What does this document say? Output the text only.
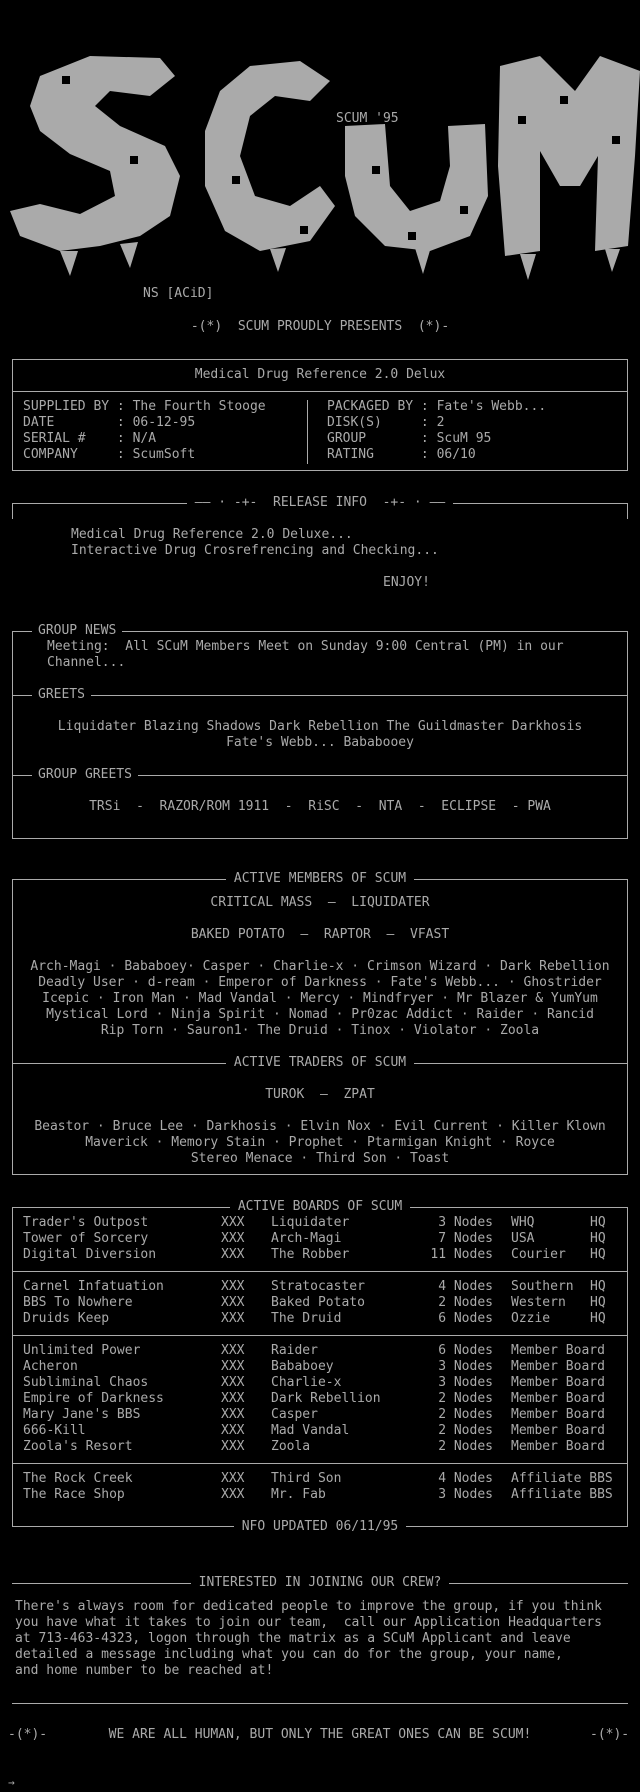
SCUM '95
NS [ACiD]
-(*)  SCUM PROUDLY PRESENTS  (*)-
Medical Drug Reference 2.0 Delux
SUPPLIED BY : The Fourth Stooge
DATE        : 06-12-95
SERIAL #    : N/A
COMPANY     : ScumSoft
PACKAGED BY : Fate's Webb...
DISK(S)     : 2
GROUP       : ScuM 95
RATING      : 06/10
—— · -+-  RELEASE INFO  -+- · ——
Medical Drug Reference 2.0 Deluxe...
Interactive Drug Crosrefrencing and Checking...
ENJOY!
GROUP NEWS
Meeting:  All SCuM Members Meet on Sunday 9:00 Central (PM) in our
Channel...
GREETS
Liquidater Blazing Shadows Dark Rebellion The Guildmaster Darkhosis
Fate's Webb... Bababooey
GROUP GREETS
TRSi  -  RAZOR/ROM 1911  -  RiSC  -  NTA  -  ECLIPSE  - PWA
ACTIVE MEMBERS OF SCUM
CRITICAL MASS  —  LIQUIDATER
BAKED POTATO  —  RAPTOR  —  VFAST
Arch-Magi · Bababoey· Casper · Charlie-x · Crimson Wizard · Dark Rebellion
Deadly User · d-ream · Emperor of Darkness · Fate's Webb... · Ghostrider
Icepic · Iron Man · Mad Vandal · Mercy · Mindfryer · Mr Blazer & YumYum
Mystical Lord · Ninja Spirit · Nomad · Pr0zac Addict · Raider · Rancid
Rip Torn · Sauron1· The Druid · Tinox · Violator · Zoola
ACTIVE TRADERS OF SCUM
TUROK  —  ZPAT
Beastor · Bruce Lee · Darkhosis · Elvin Nox · Evil Current · Killer Klown
Maverick · Memory Stain · Prophet · Ptarmigan Knight · Royce
Stereo Menace · Third Son · Toast
ACTIVE BOARDS OF SCUM
Trader's Outpost	XXX Liquidater	3 Nodes WHQ	HQ
Tower of Sorcery	XXX Arch-Magi	7 Nodes USA	HQ
Digital Diversion	XXX The Robber	11 Nodes Courier HQ
Carnel Infatuation	XXX Stratocaster	4 Nodes Southern HQ
BBS To Nowhere	XXX Baked Potato	2 Nodes Western HQ
Druids Keep	XXX The Druid	6 Nodes Ozzie	HQ
Unlimited Power	XXX Raider	6 Nodes Member Board
Acheron	XXX Bababoey	3 Nodes Member Board
Subliminal Chaos	XXX Charlie-x	3 Nodes Member Board
Empire of Darkness	XXX Dark Rebellion	2 Nodes Member Board
Mary Jane's BBS	XXX Casper	2 Nodes Member Board
666-Kill	XXX Mad Vandal	2 Nodes Member Board
Zoola's Resort	XXX Zoola	2 Nodes Member Board
The Rock Creek	XXX Third Son	4 Nodes Affiliate BBS
The Race Shop	XXX Mr. Fab	3 Nodes Affiliate BBS
NFO UPDATED 06/11/95
INTERESTED IN JOINING OUR CREW?
There's always room for dedicated people to improve the group, if you think
you have what it takes to join our team,  call our Application Headquarters
at 713-463-4323, logon through the matrix as a SCuM Applicant and leave
detailed a message including what you can do for the group, your name,
and home number to be reached at!
-(*)-	WE ARE ALL HUMAN, BUT ONLY THE GREAT ONES CAN BE SCUM!	-(*)-
→
